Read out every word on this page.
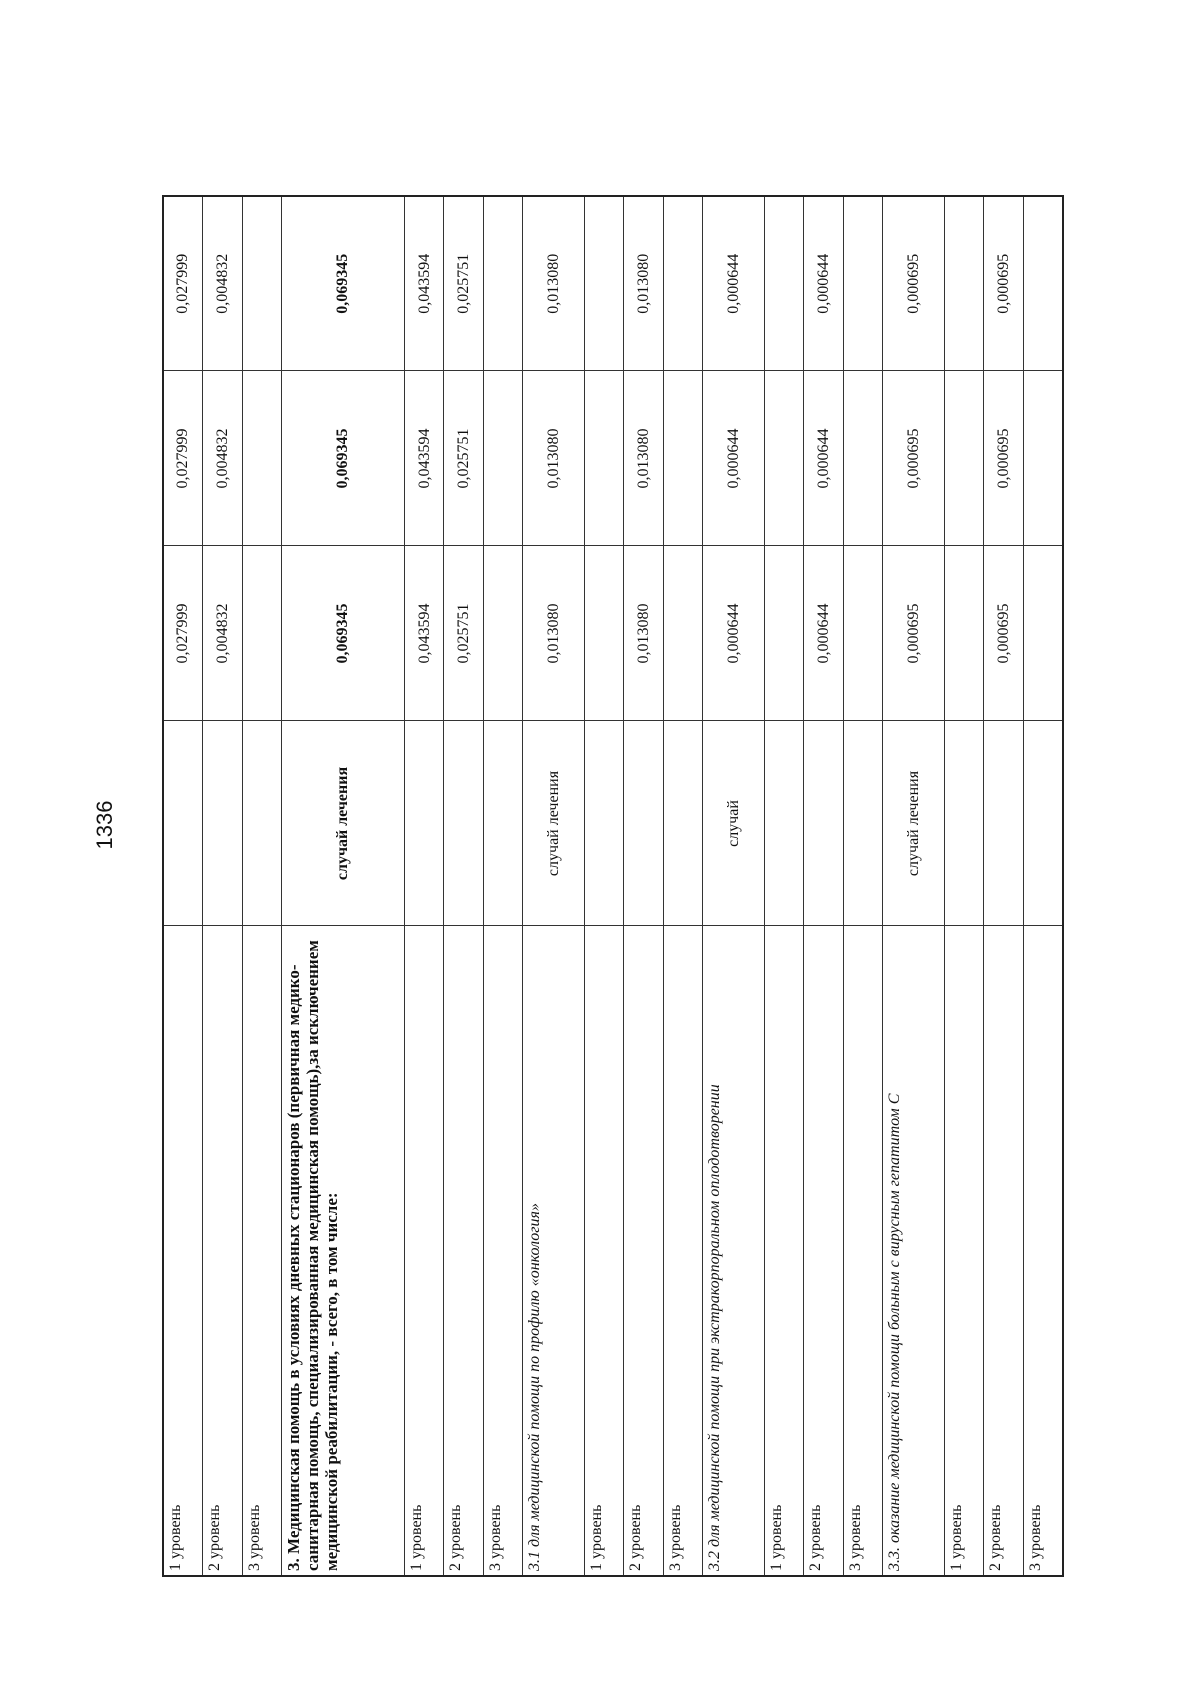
1336
1 уровень		0,027999	0,027999	0,027999
2 уровень		0,004832	0,004832	0,004832
3 уровень				
3. Медицинская помощь в условиях дневных стационаров (первичная медико-санитарная помощь, специализированная медицинская помощь),за исключением медицинской реабилитации, - всего, в том числе:	случай лечения	0,069345	0,069345	0,069345
1 уровень		0,043594	0,043594	0,043594
2 уровень		0,025751	0,025751	0,025751
3 уровень				
3.1 для медицинской помощи по профилю «онкология»	случай лечения	0,013080	0,013080	0,013080
1 уровень				
2 уровень		0,013080	0,013080	0,013080
3 уровень				
3.2 для медицинской помощи при экстракорпоральном оплодотворении	случай	0,000644	0,000644	0,000644
1 уровень				
2 уровень		0,000644	0,000644	0,000644
3 уровень				
3.3. оказание медицинской помощи больным с вирусным гепатитом С	случай лечения	0,000695	0,000695	0,000695
1 уровень				
2 уровень		0,000695	0,000695	0,000695
3 уровень				
